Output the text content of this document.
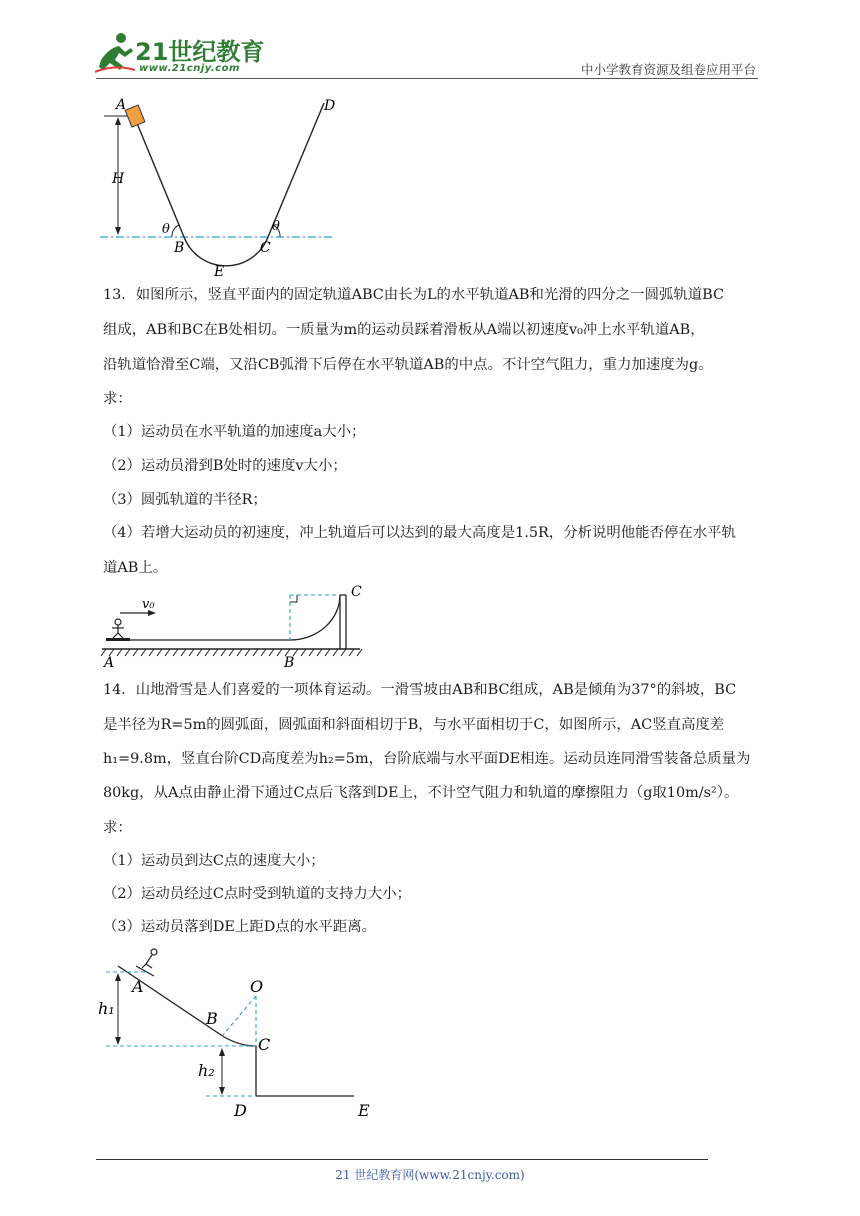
21世纪教育
www.21cnjy.com	中小学教育资源及组卷应用平台
A	D
H
θ	θ
B	C
E
13．如图所示，竖直平面内的固定轨道ABC由长为L的水平轨道AB和光滑的四分之一圆弧轨道BC
组成，AB和BC在B处相切。一质量为m的运动员踩着滑板从A端以初速度v₀冲上水平轨道AB，
沿轨道恰滑至C端，又沿CB弧滑下后停在水平轨道AB的中点。不计空气阻力，重力加速度为g。
求：
（1）运动员在水平轨道的加速度a大小；
（2）运动员滑到B处时的速度v大小；
（3）圆弧轨道的半径R；
（4）若增大运动员的初速度，冲上轨道后可以达到的最大高度是1.5R，分析说明他能否停在水平轨
道AB上。
v₀
C
A	B
14．山地滑雪是人们喜爱的一项体育运动。一滑雪坡由AB和BC组成，AB是倾角为37°的斜坡，BC
是半径为R=5m的圆弧面，圆弧面和斜面相切于B，与水平面相切于C，如图所示，AC竖直高度差
h₁=9.8m，竖直台阶CD高度差为h₂=5m，台阶底端与水平面DE相连。运动员连同滑雪装备总质量为
80kg，从A点由静止滑下通过C点后飞落到DE上，不计空气阻力和轨道的摩擦阻力（g取10m/s²）。
求：
（1）运动员到达C点的速度大小；
（2）运动员经过C点时受到轨道的支持力大小；
（3）运动员落到DE上距D点的水平距离。
A	O
h₁
B
C
h₂
D	E
21 世纪教育网(www.21cnjy.com)
